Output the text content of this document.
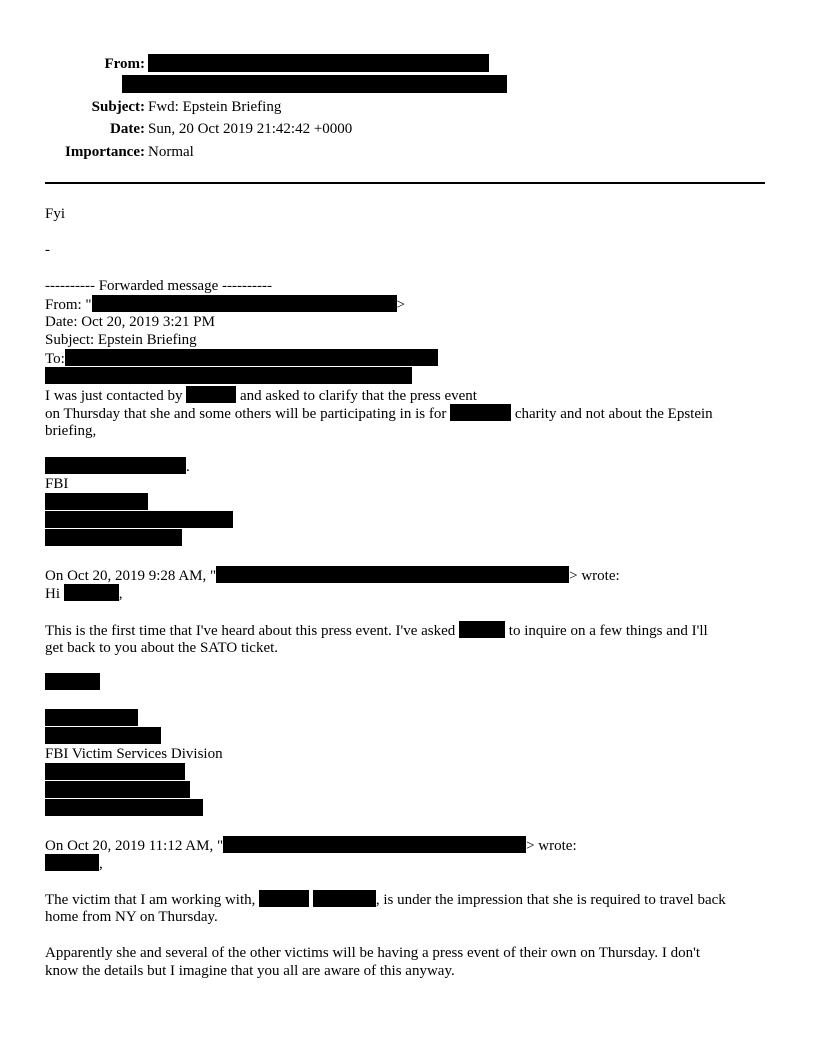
From:
Subject: Fwd: Epstein Briefing
Date: Sun, 20 Oct 2019 21:42:42 +0000
Importance: Normal
Fyi
-
---------- Forwarded message ----------
From: "	>
Date: Oct 20, 2019 3:21 PM
Subject: Epstein Briefing
To:
I was just contacted by	and asked to clarify that the press event
on Thursday that she and some others will be participating in is for	charity and not about the Epstein
briefing,
.
FBI
On Oct 20, 2019 9:28 AM, "	> wrote:
Hi	,
This is the first time that I've heard about this press event. I've asked	to inquire on a few things and I'll
get back to you about the SATO ticket.
FBI Victim Services Division
On Oct 20, 2019 11:12 AM, "	> wrote:
,
The victim that I am working with,	, is under the impression that she is required to travel back
home from NY on Thursday.
Apparently she and several of the other victims will be having a press event of their own on Thursday. I don't
know the details but I imagine that you all are aware of this anyway.
